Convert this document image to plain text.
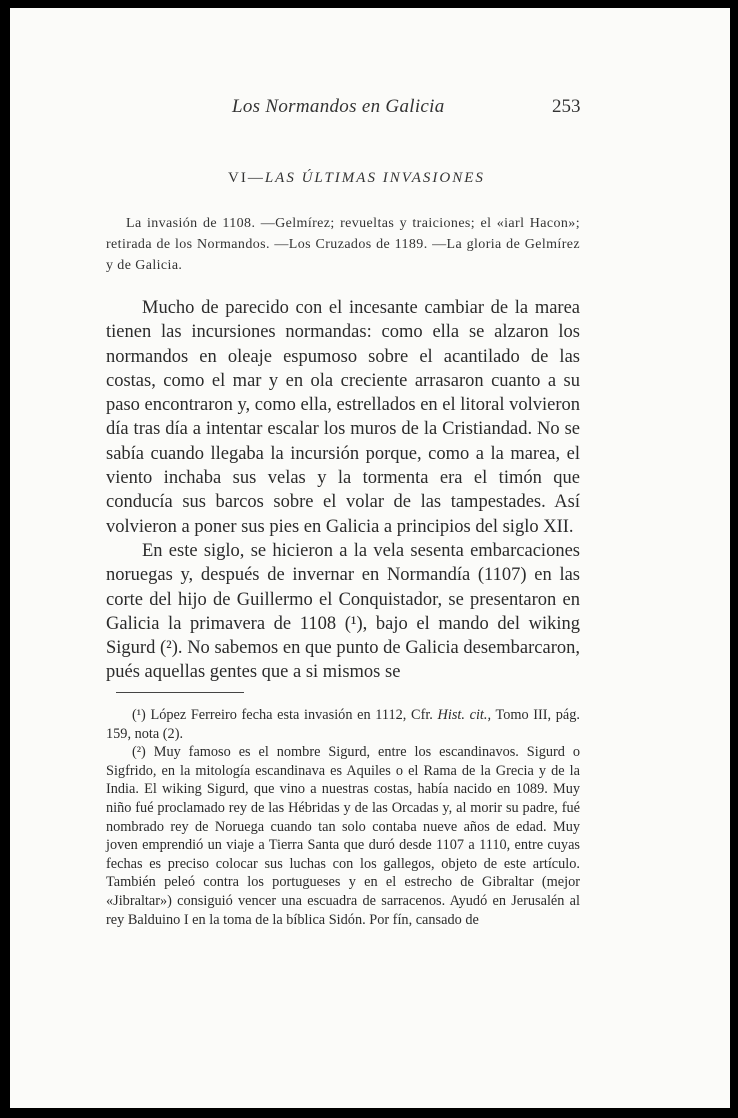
Los Normandos en Galicia	253
VI—LAS ÚLTIMAS INVASIONES
La invasión de 1108. —Gelmírez; revueltas y traiciones; el «iarl Hacon»; retirada de los Normandos. —Los Cruzados de 1189. —La gloria de Gelmírez y de Galicia.

Mucho de parecido con el incesante cambiar de la marea tienen las incursiones normandas: como ella se alzaron los normandos en oleaje espumoso sobre el acantilado de las costas, como el mar y en ola creciente arrasaron cuanto a su paso encontraron y, como ella, estrellados en el litoral volvieron día tras día a intentar escalar los muros de la Cristiandad. No se sabía cuando llegaba la incursión porque, como a la marea, el viento inchaba sus velas y la tormenta era el timón que conducía sus barcos sobre el volar de las tampestades. Así volvieron a poner sus pies en Galicia a principios del siglo XII.

En este siglo, se hicieron a la vela sesenta embarcaciones noruegas y, después de invernar en Normandía (1107) en las corte del hijo de Guillermo el Conquistador, se presentaron en Galicia la primavera de 1108 (¹), bajo el mando del wiking Sigurd (²). No sabemos en que punto de Galicia desembarcaron, pués aquellas gentes que a si mismos se

(¹) López Ferreiro fecha esta invasión en 1112, Cfr. Hist. cit., Tomo III, pág. 159, nota (2).

(²) Muy famoso es el nombre Sigurd, entre los escandinavos. Sigurd o Sigfrido, en la mitología escandinava es Aquiles o el Rama de la Grecia y de la India. El wiking Sigurd, que vino a nuestras costas, había nacido en 1089. Muy niño fué proclamado rey de las Hébridas y de las Orcadas y, al morir su padre, fué nombrado rey de Noruega cuando tan solo contaba nueve años de edad. Muy joven emprendió un viaje a Tierra Santa que duró desde 1107 a 1110, entre cuyas fechas es preciso colocar sus luchas con los gallegos, objeto de este artículo. También peleó contra los portugueses y en el estrecho de Gibraltar (mejor «Jibraltar») consiguió vencer una escuadra de sarracenos. Ayudó en Jerusalén al rey Balduino I en la toma de la bíblica Sidón. Por fín, cansado de
